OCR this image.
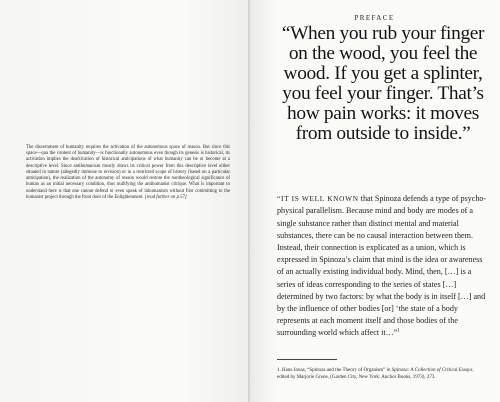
The discernment of humanity requires the activation of the autonomous space of reason. But since this space—qua the content of humanity—is functionally autonomous even though its genesis is historical, its activation implies the deactivation of historical anticipations of what humanity can be or become at a descriptive level. Since antihumanism mostly draws its critical power from this descriptive level either situated in nature (allegedly immune to revision) or in a restricted scope of history (based on a particular anticipation), the realization of the autonomy of reason would restore the nontheological significance of human as an initial necessary condition, thus nullifying the antihumanist critique. What is important to understand here is that one cannot defend or even speak of inhumanism without first committing to the humanist project through the front door of the Enlightenment. [read further on p.57]

PREFACE
“When you rub your finger on the wood, you feel the wood. If you get a splinter, you feel your finger. That’s how pain works: it moves from outside to inside.”

“IT IS WELL KNOWN that Spinoza defends a type of psycho-physical parallelism. Because mind and body are modes of a single substance rather than distinct mental and material substances, there can be no causal interaction between them. Instead, their connection is explicated as a union, which is expressed in Spinoza’s claim that mind is the idea or awareness of an actually existing individual body. Mind, then, […] is a series of ideas corresponding to the series of states […] determined by two factors: by what the body is in itself […] and by the influence of other bodies [or] ‘the state of a body represents at each moment itself and those bodies of the surrounding world which affect it…”$^1$

1. Hans Jonas, “Spinoza and the Theory of Organism” in Spinoza: A Collection of Critical Essays, edited by Marjorie Grene, (Garden City, New York: Anchor Books, 1973), 273.
